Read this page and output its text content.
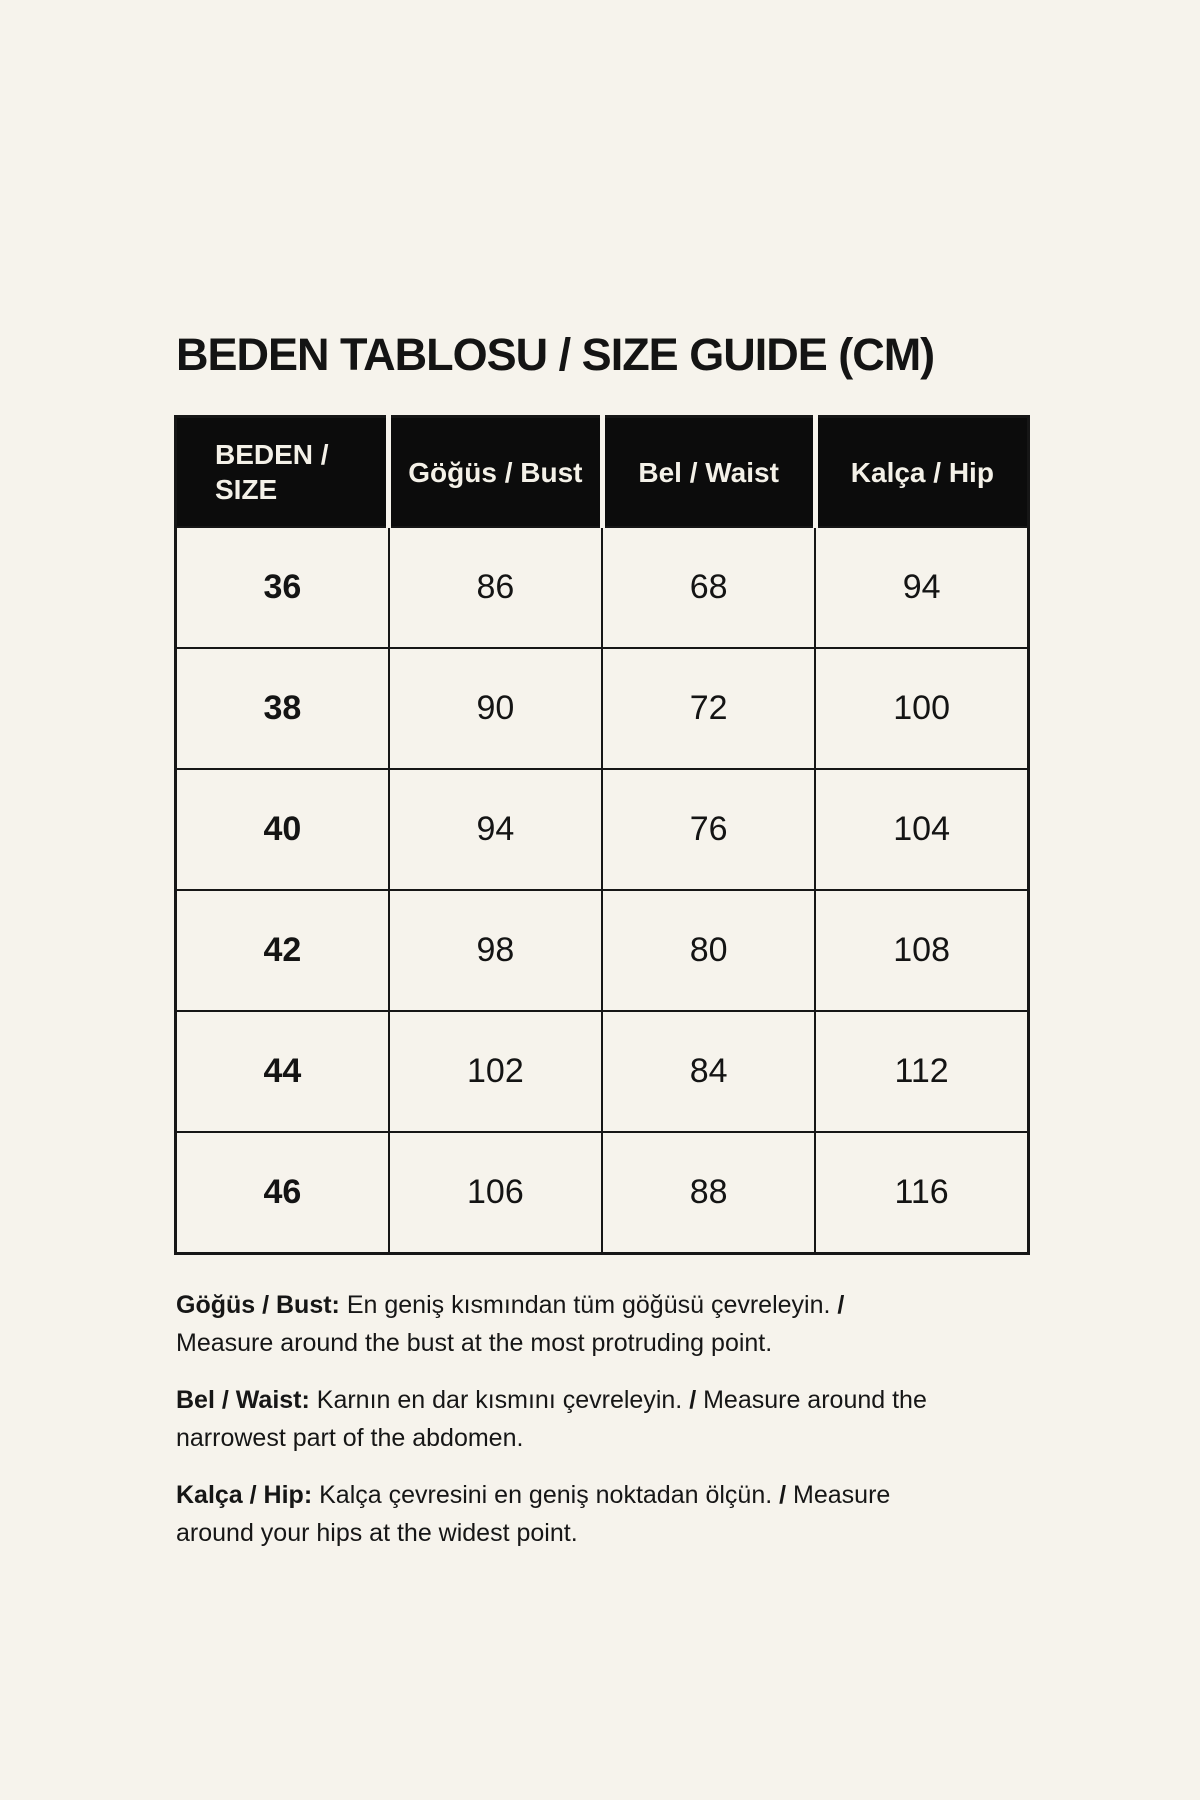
BEDEN TABLOSU / SIZE GUIDE (CM)
BEDEN / SIZE	Göğüs / Bust	Bel / Waist	Kalça / Hip
36	86	68	94
38	90	72	100
40	94	76	104
42	98	80	108
44	102	84	112
46	106	88	116

Göğüs / Bust: En geniş kısmından tüm göğüsü çevreleyin. / Measure around the bust at the most protruding point.

Bel / Waist: Karnın en dar kısmını çevreleyin. / Measure around the narrowest part of the abdomen.

Kalça / Hip: Kalça çevresini en geniş noktadan ölçün. / Measure around your hips at the widest point.
